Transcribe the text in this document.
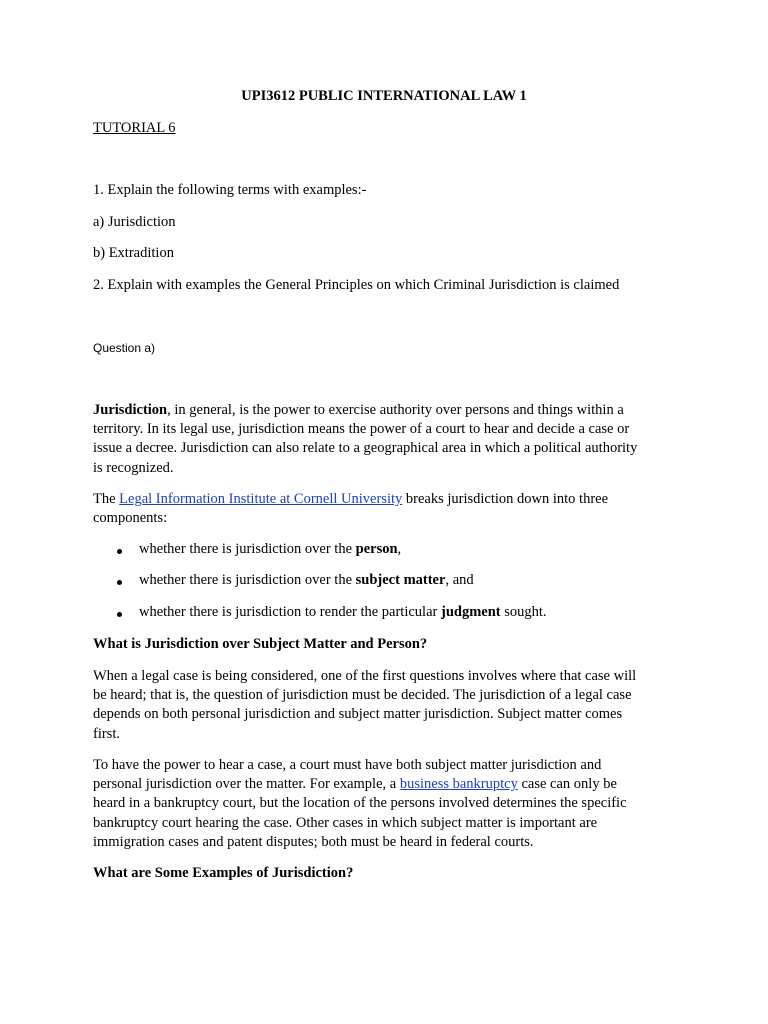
UPI3612 PUBLIC INTERNATIONAL LAW 1

TUTORIAL 6

1. Explain the following terms with examples:-

a) Jurisdiction

b) Extradition

2. Explain with examples the General Principles on which Criminal Jurisdiction is claimed

Question a)

Jurisdiction, in general, is the power to exercise authority over persons and things within a
territory. In its legal use, jurisdiction means the power of a court to hear and decide a case or
issue a decree. Jurisdiction can also relate to a geographical area in which a political authority
is recognized.
The Legal Information Institute at Cornell University breaks jurisdiction down into three
components:
whether there is jurisdiction over the person,
whether there is jurisdiction over the subject matter, and
whether there is jurisdiction to render the particular judgment sought.

What is Jurisdiction over Subject Matter and Person?

When a legal case is being considered, one of the first questions involves where that case will
be heard; that is, the question of jurisdiction must be decided. The jurisdiction of a legal case
depends on both personal jurisdiction and subject matter jurisdiction. Subject matter comes
first.
To have the power to hear a case, a court must have both subject matter jurisdiction and
personal jurisdiction over the matter. For example, a business bankruptcy case can only be
heard in a bankruptcy court, but the location of the persons involved determines the specific
bankruptcy court hearing the case. Other cases in which subject matter is important are
immigration cases and patent disputes; both must be heard in federal courts.

What are Some Examples of Jurisdiction?
